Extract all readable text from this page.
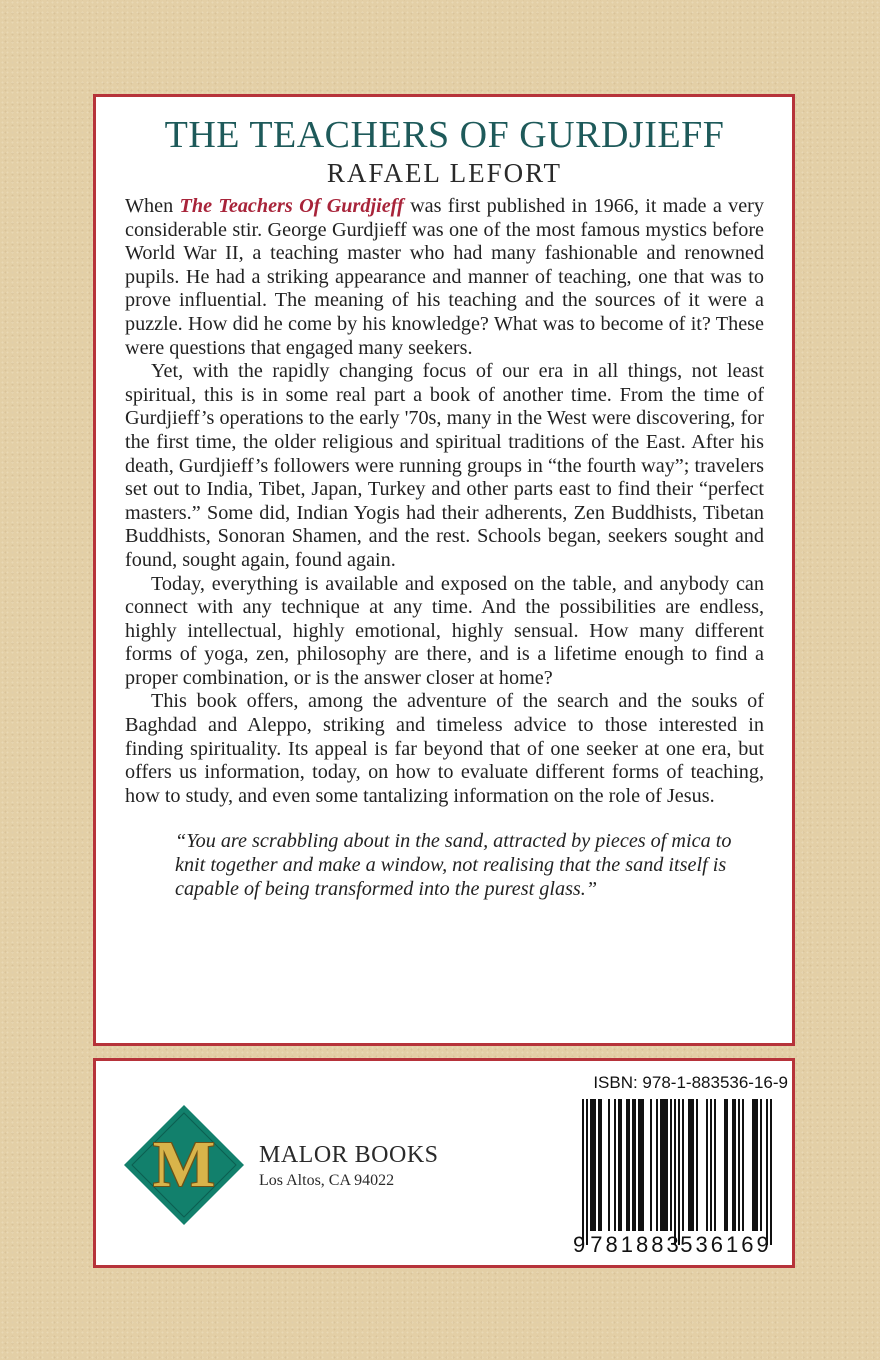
THE TEACHERS OF GURDJIEFF
RAFAEL LEFORT

When The Teachers Of Gurdjieff was first published in 1966, it made a very considerable stir. George Gurdjieff was one of the most famous mystics before World War II, a teaching master who had many fashionable and renowned pupils. He had a striking appearance and manner of teaching, one that was to prove influential. The meaning of his teaching and the sources of it were a puzzle. How did he come by his knowledge? What was to become of it? These were questions that engaged many seekers.

Yet, with the rapidly changing focus of our era in all things, not least spiritual, this is in some real part a book of another time. From the time of Gurdjieff’s operations to the early '70s, many in the West were discovering, for the first time, the older religious and spiritual traditions of the East. After his death, Gurdjieff’s followers were running groups in “the fourth way”; travelers set out to India, Tibet, Japan, Turkey and other parts east to find their “perfect masters.” Some did, Indian Yogis had their adherents, Zen Buddhists, Tibetan Buddhists, Sonoran Shamen, and the rest. Schools began, seekers sought and found, sought again, found again.

Today, everything is available and exposed on the table, and anybody can connect with any technique at any time. And the possibilities are endless, highly intellectual, highly emotional, highly sensual. How many different forms of yoga, zen, philosophy are there, and is a lifetime enough to find a proper combination, or is the answer closer at home?

This book offers, among the adventure of the search and the souks of Baghdad and Aleppo, striking and timeless advice to those interested in finding spirituality. Its appeal is far beyond that of one seeker at one era, but offers us information, today, on how to evaluate different forms of teaching, how to study, and even some tantalizing information on the role of Jesus.

“You are scrabbling about in the sand, attracted by pieces of mica to knit together and make a window, not realising that the sand itself is capable of being transformed into the purest glass.”
M	MALOR BOOKS
Los Altos, CA 94022
ISBN: 978-1-883536-16-9
9 781883
536169
